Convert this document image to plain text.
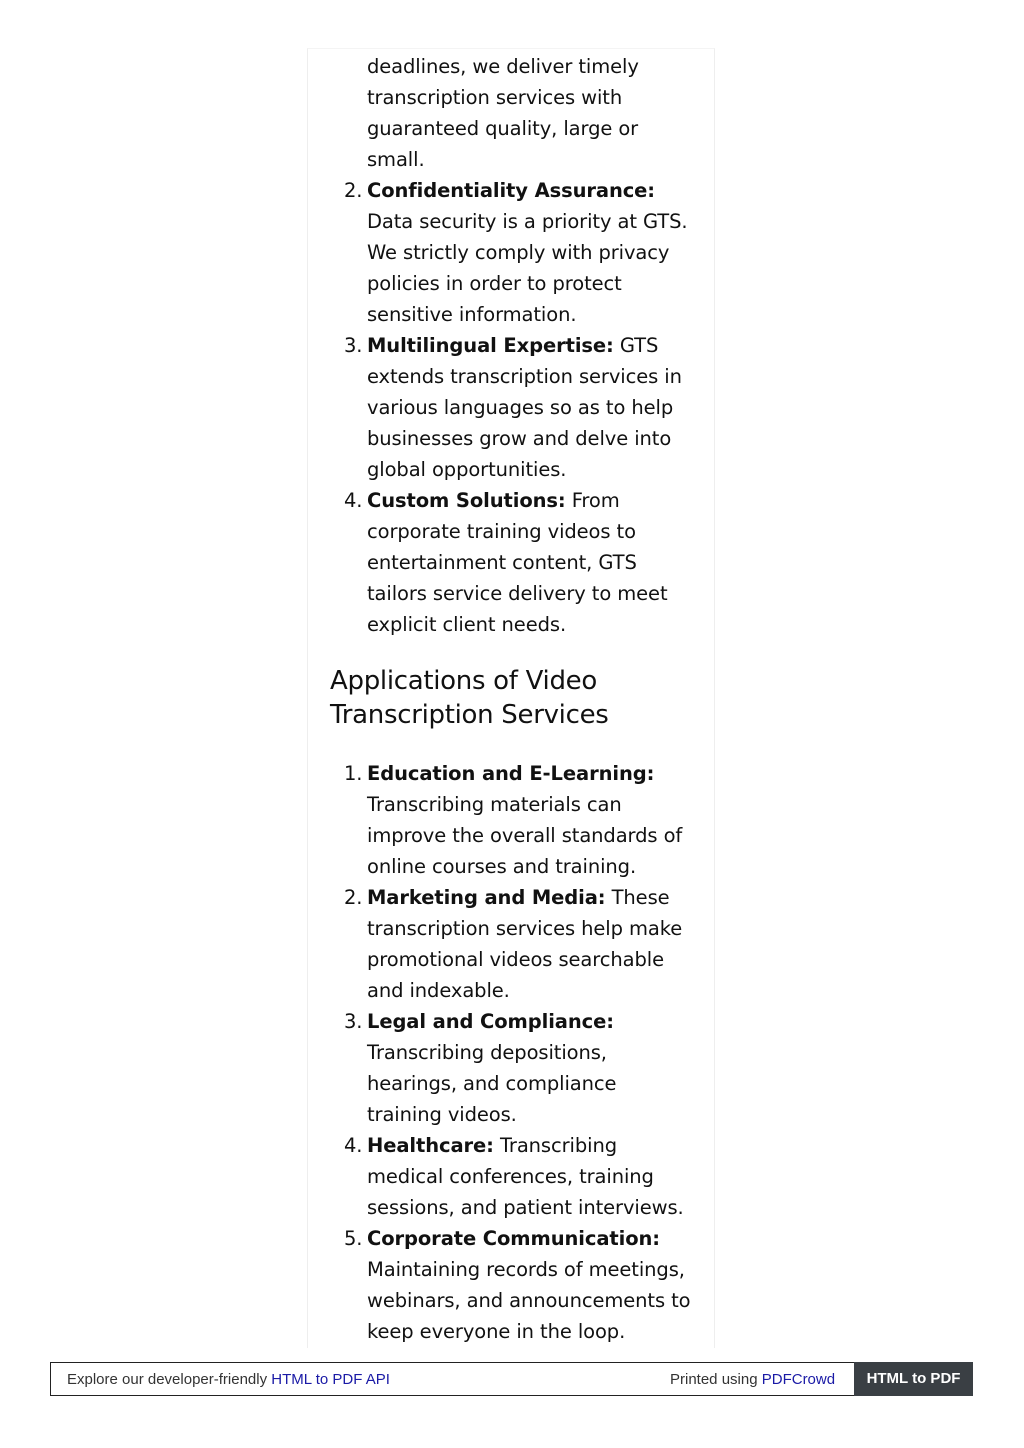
deadlines, we deliver timely transcription services with guaranteed quality, large or small.
2. Confidentiality Assurance: Data security is a priority at GTS. We strictly comply with privacy policies in order to protect sensitive information.
3. Multilingual Expertise: GTS extends transcription services in various languages so as to help businesses grow and delve into global opportunities.
4. Custom Solutions: From corporate training videos to entertainment content, GTS tailors service delivery to meet explicit client needs.
Applications of Video Transcription Services
1. Education and E-Learning: Transcribing materials can improve the overall standards of online courses and training.
2. Marketing and Media: These transcription services help make promotional videos searchable and indexable.
3. Legal and Compliance: Transcribing depositions, hearings, and compliance training videos.
4. Healthcare: Transcribing medical conferences, training sessions, and patient interviews.
5. Corporate Communication: Maintaining records of meetings, webinars, and announcements to keep everyone in the loop.
Explore our developer-friendly HTML to PDF API	Printed using PDFCrowd	HTML to PDF
